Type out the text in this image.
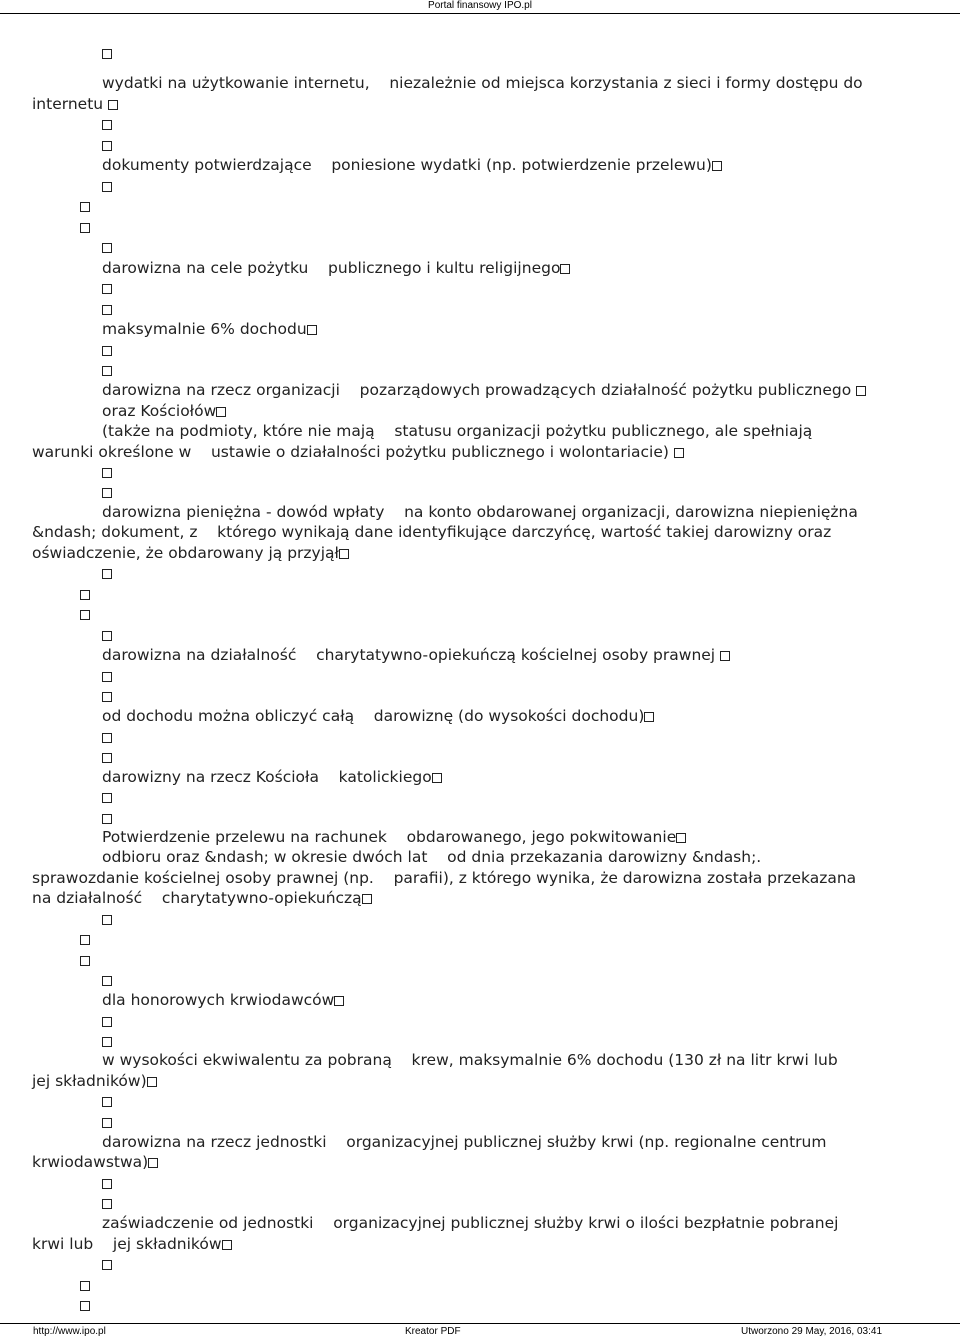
Portal finansowy IPO.pl
wydatki na użytkowanie internetu,    niezależnie od miejsca korzystania z sieci i formy dostępu do
internetu
dokumenty potwierdzające    poniesione wydatki (np. potwierdzenie przelewu)
darowizna na cele pożytku    publicznego i kultu religijnego
maksymalnie 6% dochodu
darowizna na rzecz organizacji    pozarządowych prowadzących działalność pożytku publicznego
oraz Kościołów
(także na podmioty, które nie mają    statusu organizacji pożytku publicznego, ale spełniają
warunki określone w    ustawie o działalności pożytku publicznego i wolontariacie)
darowizna pieniężna - dowód wpłaty    na konto obdarowanej organizacji, darowizna niepieniężna
&ndash; dokument, z    którego wynikają dane identyfikujące darczyńcę, wartość takiej darowizny oraz
oświadczenie, że obdarowany ją przyjął
darowizna na działalność    charytatywno-opiekuńczą kościelnej osoby prawnej
od dochodu można obliczyć całą    darowiznę (do wysokości dochodu)
darowizny na rzecz Kościoła    katolickiego
Potwierdzenie przelewu na rachunek    obdarowanego, jego pokwitowanie
odbioru oraz &ndash; w okresie dwóch lat    od dnia przekazania darowizny &ndash;.
sprawozdanie kościelnej osoby prawnej (np.    parafii), z którego wynika, że darowizna została przekazana
na działalność    charytatywno-opiekuńczą
dla honorowych krwiodawców
w wysokości ekwiwalentu za pobraną    krew, maksymalnie 6% dochodu (130 zł na litr krwi lub
jej składników)
darowizna na rzecz jednostki    organizacyjnej publicznej służby krwi (np. regionalne centrum
krwiodawstwa)
zaświadczenie od jednostki    organizacyjnej publicznej służby krwi o ilości bezpłatnie pobranej
krwi lub    jej składników
http://www.ipo.pl	Kreator PDF	Utworzono 29 May, 2016, 03:41
